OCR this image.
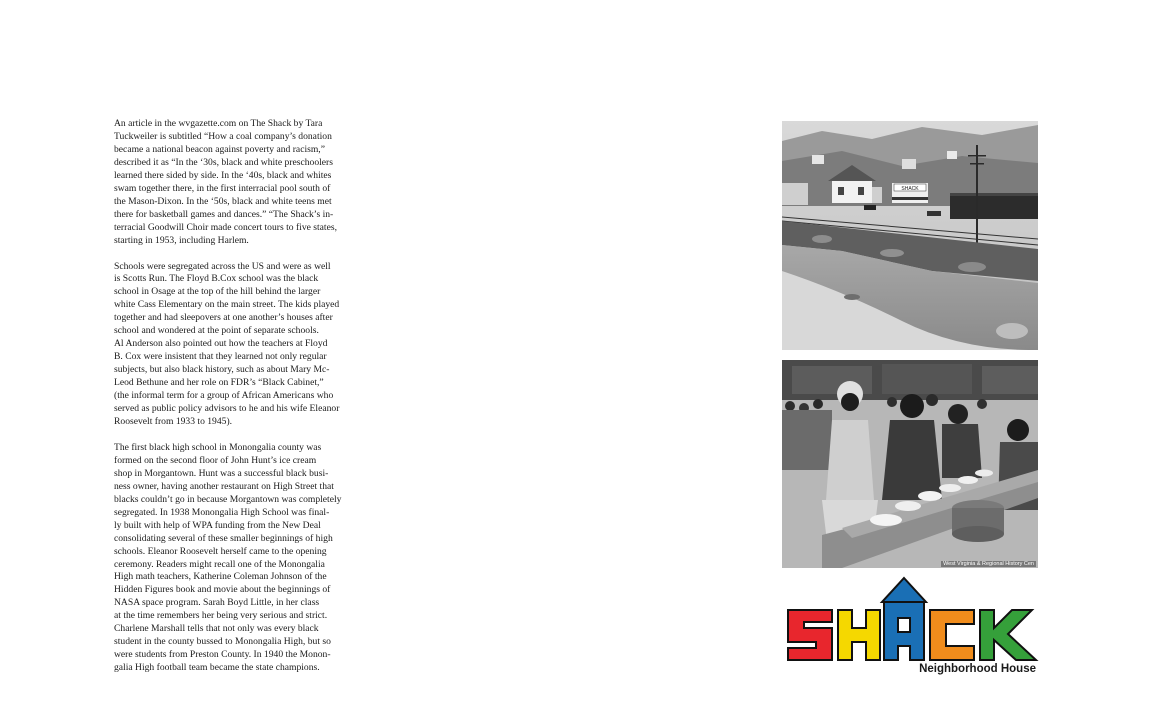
An article in the wvgazette.com on The Shack by Tara
Tuckweiler is subtitled “How a coal company’s donation
became a national beacon against poverty and racism,”
described it as “In the ‘30s, black and white preschoolers
learned there sided by side. In the ‘40s, black and whites
swam together there, in the first interracial pool south of
the Mason-Dixon. In the ‘50s, black and white teens met
there for basketball games and dances.” “The Shack’s in-
terracial Goodwill Choir made concert tours to five states,
starting in 1953, including Harlem.

Schools were segregated across the US and were as well
is Scotts Run. The Floyd B.Cox school was the black
school in Osage at the top of the hill behind the larger
white Cass Elementary on the main street. The kids played
together and had sleepovers at one another’s houses after
school and wondered at the point of separate schools.
Al Anderson also pointed out how the teachers at Floyd
B. Cox were insistent that they learned not only regular
subjects, but also black history, such as about Mary Mc-
Leod Bethune and her role on FDR’s “Black Cabinet,”
(the informal term for a group of African Americans who
served as public policy advisors to he and his wife Eleanor
Roosevelt from 1933 to 1945).

The first black high school in Monongalia county was
formed on the second floor of John Hunt’s ice cream
shop in Morgantown. Hunt was a successful black busi-
ness owner, having another restaurant on High Street that
blacks couldn’t go in because Morgantown was completely
segregated. In 1938 Monongalia High School was final-
ly built with help of WPA funding from the New Deal
consolidating several of these smaller beginnings of high
schools. Eleanor Roosevelt herself came to the opening
ceremony. Readers might recall one of the Monongalia
High math teachers, Katherine Coleman Johnson of the
Hidden Figures book and movie about the beginnings of
NASA space program. Sarah Boyd Little, in her class
at the time remembers her being very serious and strict.
Charlene Marshall tells that not only was every black
student in the county bussed to Monongalia High, but so
were students from Preston County. In 1940 the Monon-
galia High football team became the state champions.

SHACK
West Virginia & Regional History Cen
Neighborhood House
